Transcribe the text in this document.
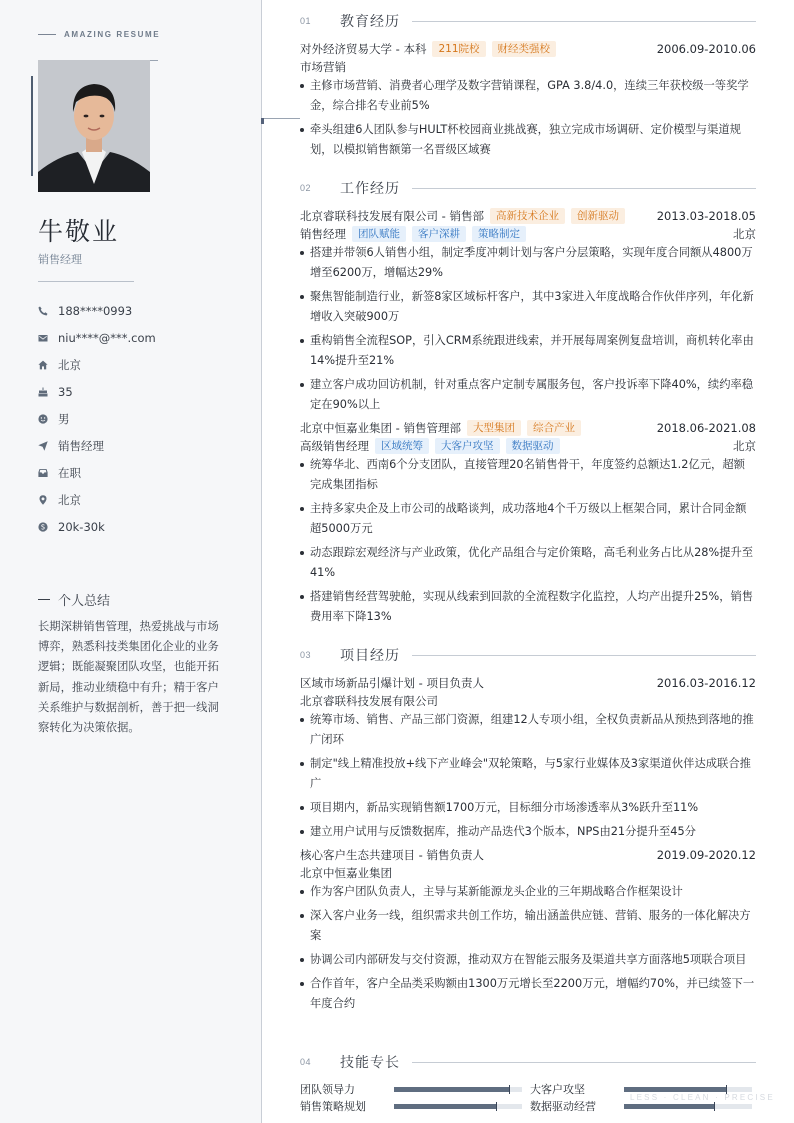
AMAZING RESUME
牛敬业
销售经理
188****0993
niu****@***.com
北京
35
男
销售经理
在职
北京
20k-30k
个人总结

长期深耕销售管理，热爱挑战与市场博弈，熟悉科技类集团化企业的业务逻辑；既能凝聚团队攻坚，也能开拓新局，推动业绩稳中有升；精于客户关系维护与数据剖析，善于把一线洞察转化为决策依据。

01	教育经历
对外经济贸易大学 - 本科	211院校	财经类强校	2006.09-2010.06
市场营销
主修市场营销、消费者心理学及数字营销课程，GPA 3.8/4.0，连续三年获校级一等奖学金，综合排名专业前5%
牵头组建6人团队参与HULT杯校园商业挑战赛，独立完成市场调研、定价模型与渠道规划，以模拟销售额第一名晋级区域赛
02	工作经历
北京睿联科技发展有限公司 - 销售部	高新技术企业	创新驱动	2013.03-2018.05
销售经理	团队赋能	客户深耕	策略制定	北京
搭建并带领6人销售小组，制定季度冲刺计划与客户分层策略，实现年度合同额从4800万增至6200万，增幅达29%
聚焦智能制造行业，新签8家区域标杆客户，其中3家进入年度战略合作伙伴序列，年化新增收入突破900万
重构销售全流程SOP，引入CRM系统跟进线索，并开展每周案例复盘培训，商机转化率由14%提升至21%
建立客户成功回访机制，针对重点客户定制专属服务包，客户投诉率下降40%，续约率稳定在90%以上
北京中恒嘉业集团 - 销售管理部	大型集团	综合产业	2018.06-2021.08
高级销售经理	区域统筹	大客户攻坚	数据驱动	北京
统筹华北、西南6个分支团队，直接管理20名销售骨干，年度签约总额达1.2亿元，超额完成集团指标
主持多家央企及上市公司的战略谈判，成功落地4个千万级以上框架合同，累计合同金额超5000万元
动态跟踪宏观经济与产业政策，优化产品组合与定价策略，高毛利业务占比从28%提升至41%
搭建销售经营驾驶舱，实现从线索到回款的全流程数字化监控，人均产出提升25%，销售费用率下降13%
03	项目经历
区域市场新品引爆计划 - 项目负责人	2016.03-2016.12
北京睿联科技发展有限公司
统筹市场、销售、产品三部门资源，组建12人专项小组，全权负责新品从预热到落地的推广闭环
制定"线上精准投放+线下产业峰会"双轮策略，与5家行业媒体及3家渠道伙伴达成联合推广
项目期内，新品实现销售额1700万元，目标细分市场渗透率从3%跃升至11%
建立用户试用与反馈数据库，推动产品迭代3个版本，NPS由21分提升至45分
核心客户生态共建项目 - 销售负责人	2019.09-2020.12
北京中恒嘉业集团
作为客户团队负责人，主导与某新能源龙头企业的三年期战略合作框架设计
深入客户业务一线，组织需求共创工作坊，输出涵盖供应链、营销、服务的一体化解决方案
协调公司内部研发与交付资源，推动双方在智能云服务及渠道共享方面落地5项联合项目
合作首年，客户全品类采购额由1300万元增长至2200万元，增幅约70%，并已续签下一年度合约
04	技能专长
团队领导力	大客户攻坚
销售策略规划	数据驱动经营
LESS · CLEAN · PRECISE
